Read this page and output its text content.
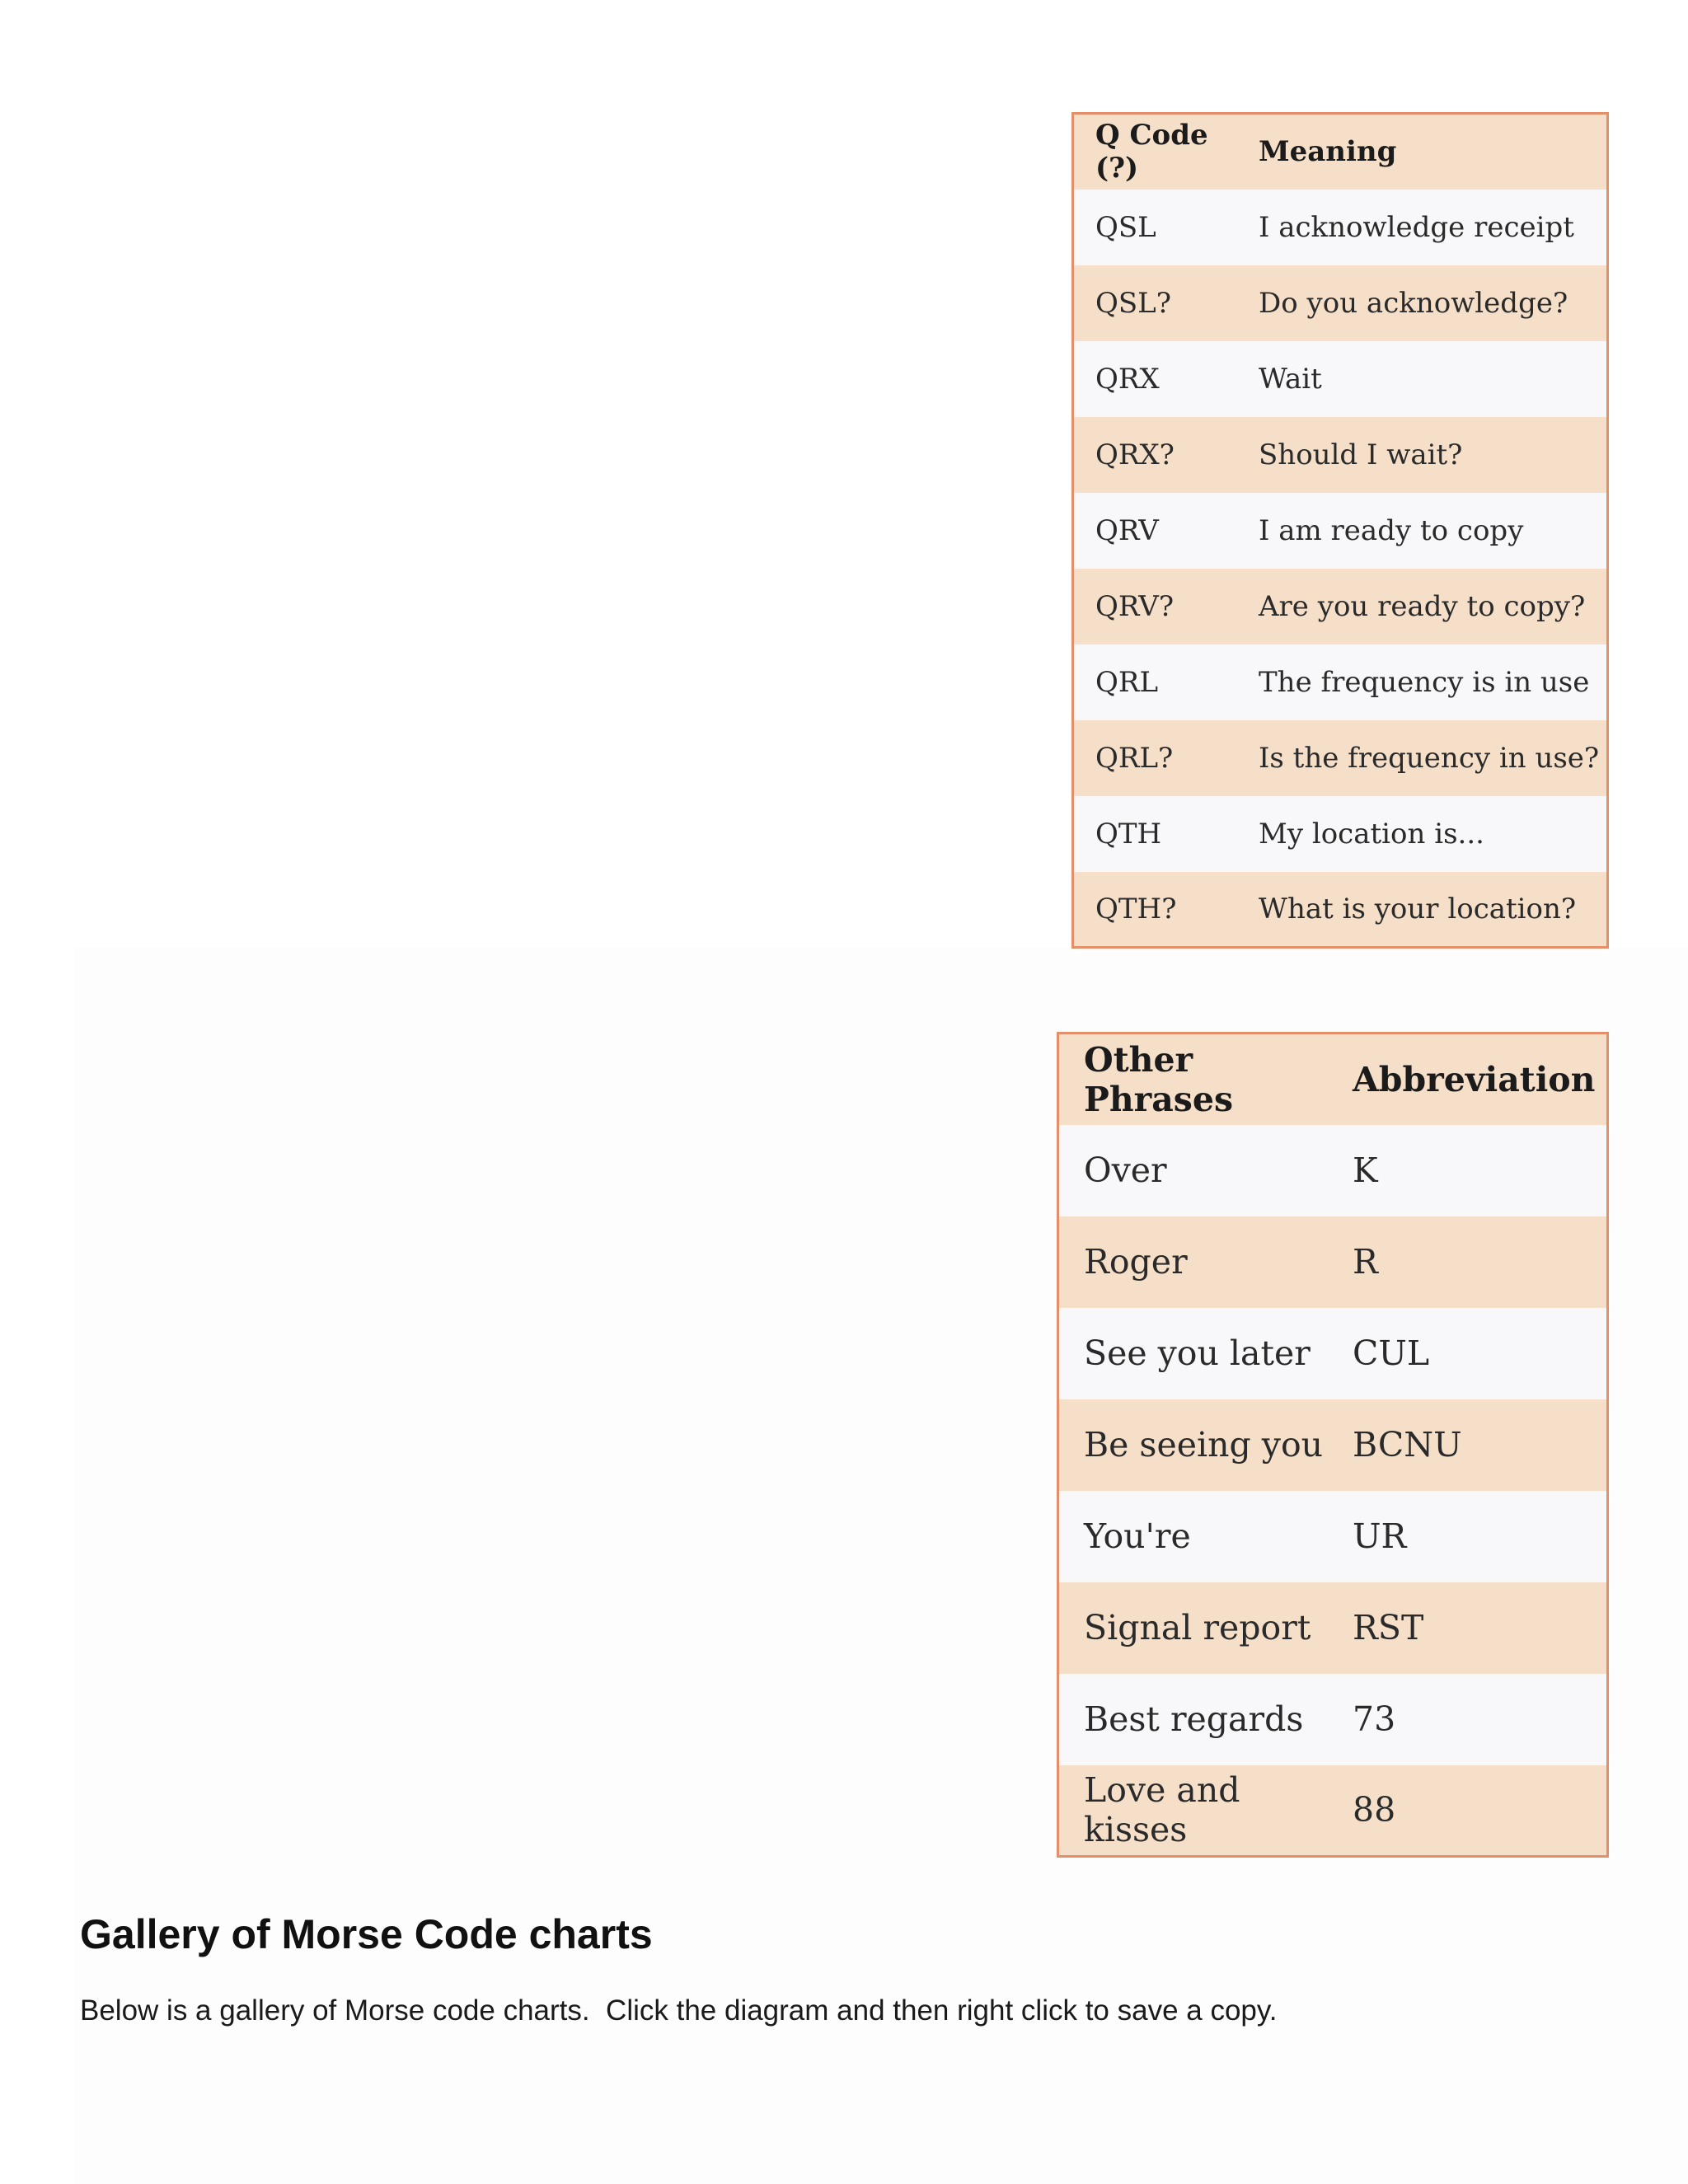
Q Code (?)	Meaning
QSL	I acknowledge receipt
QSL?	Do you acknowledge?
QRX	Wait
QRX?	Should I wait?
QRV	I am ready to copy
QRV?	Are you ready to copy?
QRL	The frequency is in use
QRL?	Is the frequency in use?
QTH	My location is...
QTH?	What is your location?
Other Phrases	Abbreviation
Over	K
Roger	R
See you later	CUL
Be seeing you	BCNU
You're	UR
Signal report	RST
Best regards	73
Love and kisses	88
Gallery of Morse Code charts

Below is a gallery of Morse code charts.  Click the diagram and then right click to save a copy.
